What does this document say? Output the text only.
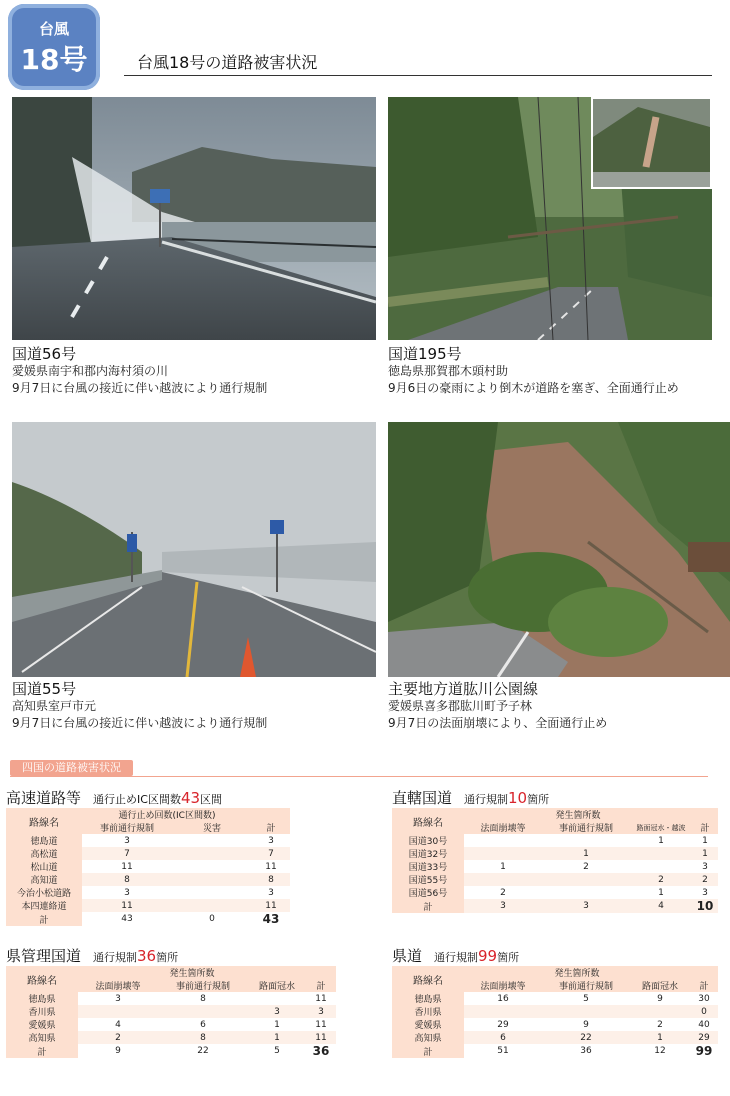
台風
18号	台風18号の道路被害状況
国道56号
愛媛県南宇和郡内海村須の川
9月7日に台風の接近に伴い越波により通行規制
国道195号
徳島県那賀郡木頭村助
9月6日の豪雨により倒木が道路を塞ぎ、全面通行止め
国道55号
高知県室戸市元
9月7日に台風の接近に伴い越波により通行規制
主要地方道肱川公園線
愛媛県喜多郡肱川町予子林
9月7日の法面崩壊により、全面通行止め
四国の道路被害状況
高速道路等 通行止めIC区間数43区間
路線名	通行止め回数(IC区間数)		
	事前通行規制	災害	計
徳島道	3		3
高松道	7		7
松山道	11		11
高知道	8		8
今治小松道路	3		3
本四連絡道	11		11
計	43	0	43
直轄国道 通行規制10箇所
路線名	発生箇所数			
	法面崩壊等	事前通行規制	路面冠水・越波	計
国道30号			1	1
国道32号		1		1
国道33号	1	2		3
国道55号			2	2
国道56号	2		1	3
計	3	3	4	10
県管理国道 通行規制36箇所
路線名	発生箇所数			
	法面崩壊等	事前通行規制	路面冠水	計
徳島県	3	8		11
香川県			3	3
愛媛県	4	6	1	11
高知県	2	8	1	11
計	9	22	5	36
県道 通行規制99箇所
路線名	発生箇所数			
	法面崩壊等	事前通行規制	路面冠水	計
徳島県	16	5	9	30
香川県				0
愛媛県	29	9	2	40
高知県	6	22	1	29
計	51	36	12	99
